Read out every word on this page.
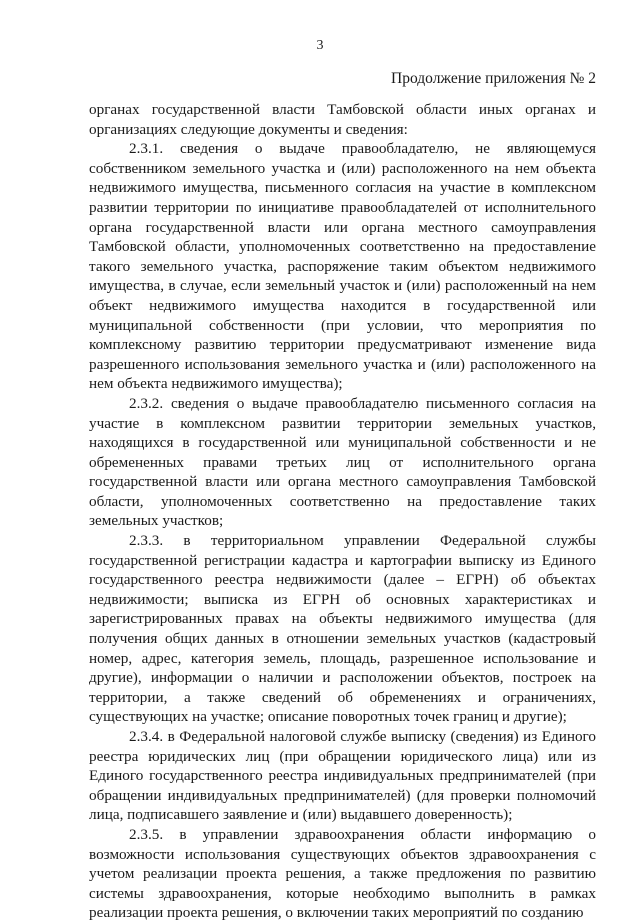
3
Продолжение приложения № 2

органах государственной власти Тамбовской области иных органах и организациях следующие документы и сведения:

2.3.1. сведения о выдаче правообладателю, не являющемуся собственником земельного участка и (или) расположенного на нем объекта недвижимого имущества, письменного согласия на участие в комплексном развитии территории по инициативе правообладателей от исполнительного органа государственной власти или органа местного самоуправления Тамбовской области, уполномоченных соответственно на предоставление такого земельного участка, распоряжение таким объектом недвижимого имущества, в случае, если земельный участок и (или) расположенный на нем объект недвижимого имущества находится в государственной или муниципальной собственности (при условии, что мероприятия по комплексному развитию территории предусматривают изменение вида разрешенного использования земельного участка и (или) расположенного на нем объекта недвижимого имущества);

2.3.2. сведения о выдаче правообладателю письменного согласия на участие в комплексном развитии территории земельных участков, находящихся в государственной или муниципальной собственности и не обремененных правами третьих лиц от исполнительного органа государственной власти или органа местного самоуправления Тамбовской области, уполномоченных соответственно на предоставление таких земельных участков;

2.3.3. в территориальном управлении Федеральной службы государственной регистрации кадастра и картографии выписку из Единого государственного реестра недвижимости (далее – ЕГРН) об объектах недвижимости; выписка из ЕГРН об основных характеристиках и зарегистрированных правах на объекты недвижимого имущества (для получения общих данных в отношении земельных участков (кадастровый номер, адрес, категория земель, площадь, разрешенное использование и другие), информации о наличии и расположении объектов, построек на территории, а также сведений об обременениях и ограничениях, существующих на участке; описание поворотных точек границ и другие);

2.3.4. в Федеральной налоговой службе выписку (сведения) из Единого реестра юридических лиц (при обращении юридического лица) или из Единого государственного реестра индивидуальных предпринимателей (при обращении индивидуальных предпринимателей) (для проверки полномочий лица, подписавшего заявление и (или) выдавшего доверенность);

2.3.5. в управлении здравоохранения области информацию о возможности использования существующих объектов здравоохранения с учетом реализации проекта решения, а также предложения по развитию системы здравоохранения, которые необходимо выполнить в рамках реализации проекта решения, о включении таких мероприятий по созданию
